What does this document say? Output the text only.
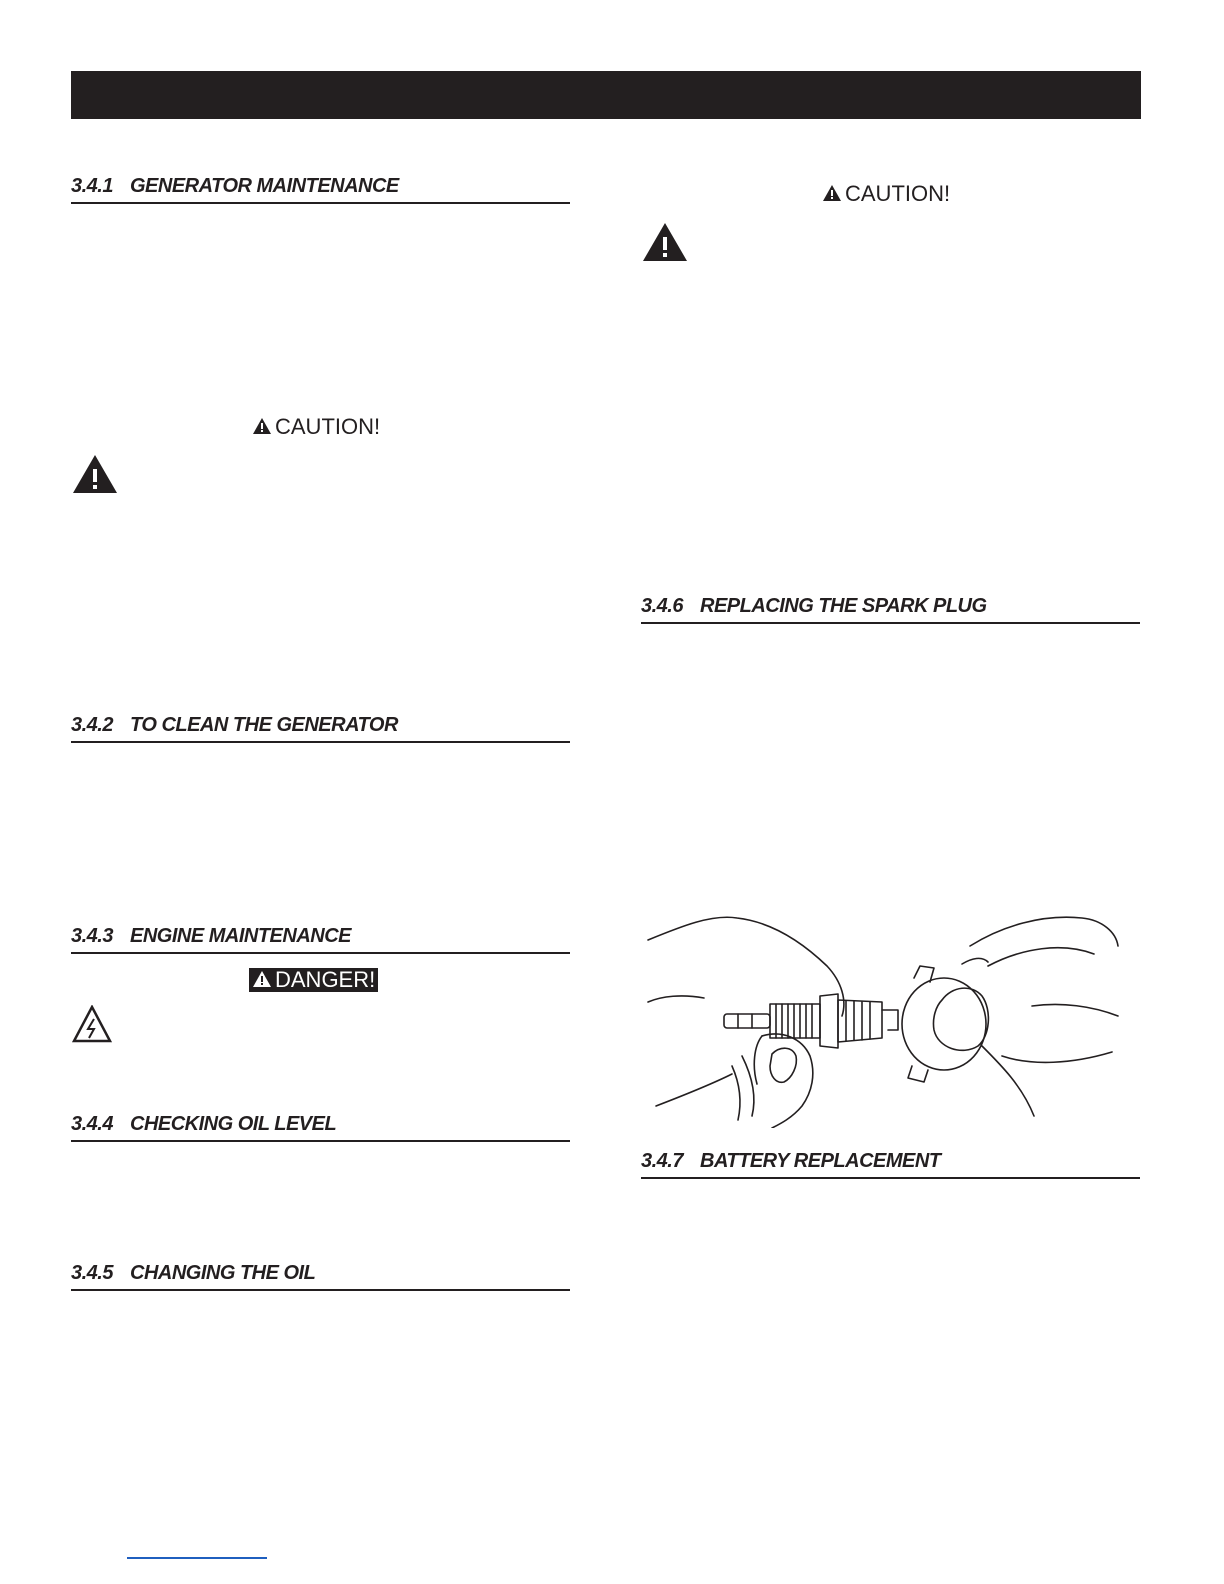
3.4.1 GENERATOR MAINTENANCE
CAUTION!
3.4.2 TO CLEAN THE GENERATOR
3.4.3 ENGINE MAINTENANCE
DANGER!
3.4.4 CHECKING OIL LEVEL
3.4.5 CHANGING THE OIL
CAUTION!
3.4.6 REPLACING THE SPARK PLUG
3.4.7 BATTERY REPLACEMENT
